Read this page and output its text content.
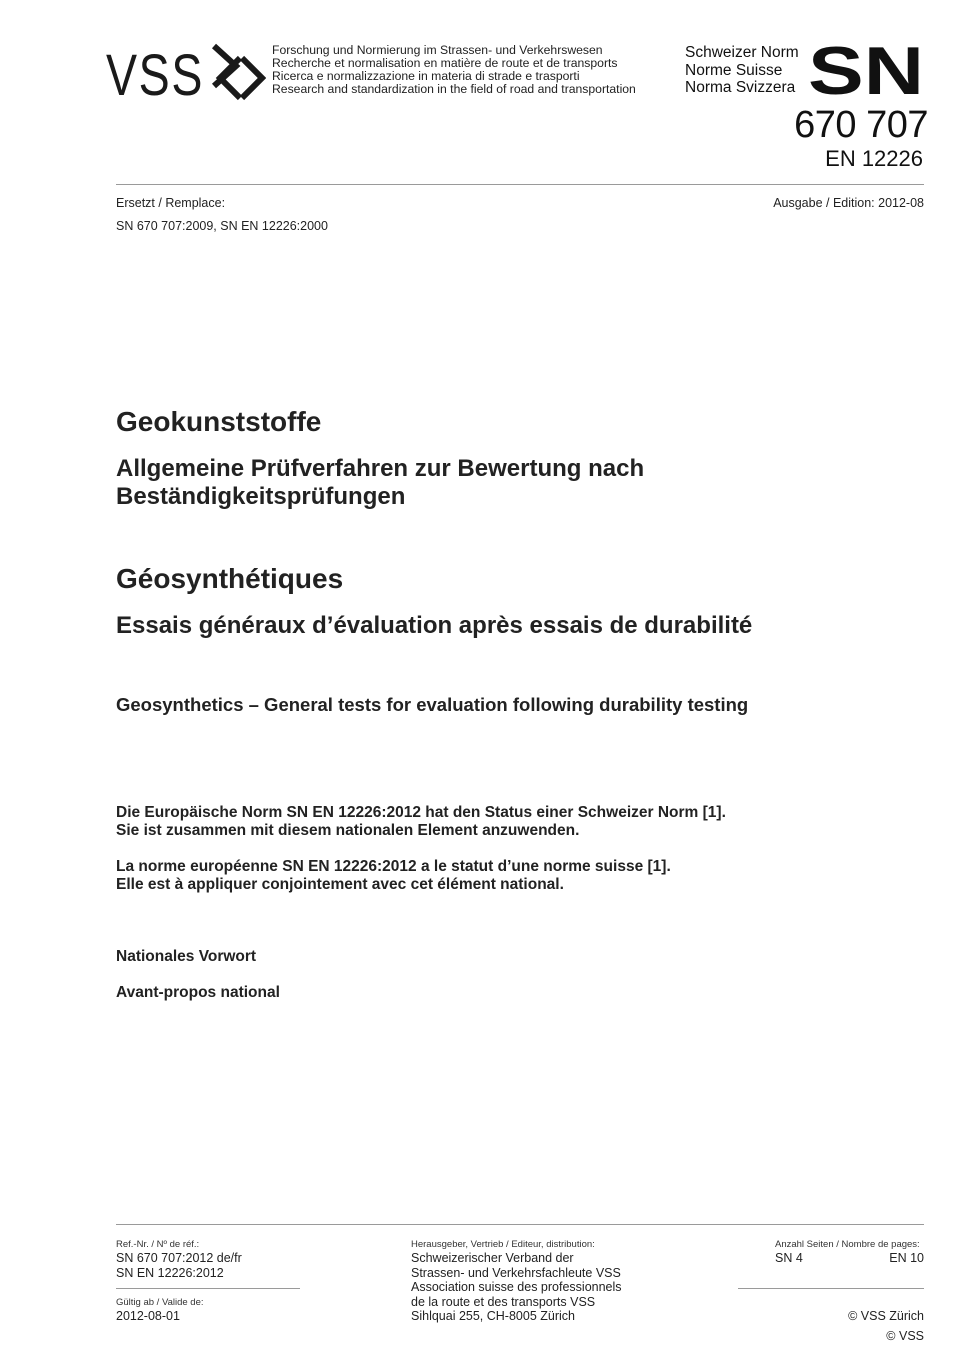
VSS	Forschung und Normierung im Strassen- und Verkehrswesen
Recherche et normalisation en matière de route et de transports
Ricerca e normalizzazione in materia di strade e trasporti
Research and standardization in the field of road and transportation
Schweizer Norm
Norme Suisse
Norma Svizzera SN
670 707
EN 12226
Ersetzt / Remplace:
SN 670 707:2009, SN EN 12226:2000
Ausgabe / Edition: 2012-08
Geokunststoffe
Allgemeine Prüfverfahren zur Bewertung nach
Beständigkeitsprüfungen
Géosynthétiques
Essais généraux d’évaluation après essais de durabilité
Geosynthetics – General tests for evaluation following durability testing
Die Europäische Norm SN EN 12226:2012 hat den Status einer Schweizer Norm [1].
Sie ist zusammen mit diesem nationalen Element anzuwenden.
La norme européenne SN EN 12226:2012 a le statut d’une norme suisse [1].
Elle est à appliquer conjointement avec cet élément national.
Nationales Vorwort
Avant-propos national
Ref.-Nr. / Nº de réf.:
SN 670 707:2012 de/fr
SN EN 12226:2012
Gültig ab / Valide de:
2012-08-01
Herausgeber, Vertrieb / Editeur, distribution:
Schweizerischer Verband der
Strassen- und Verkehrsfachleute VSS
Association suisse des professionnels
de la route et des transports VSS
Sihlquai 255, CH-8005 Zürich
Anzahl Seiten / Nombre de pages:
SN 4	EN 10
© VSS Zürich
© VSS
